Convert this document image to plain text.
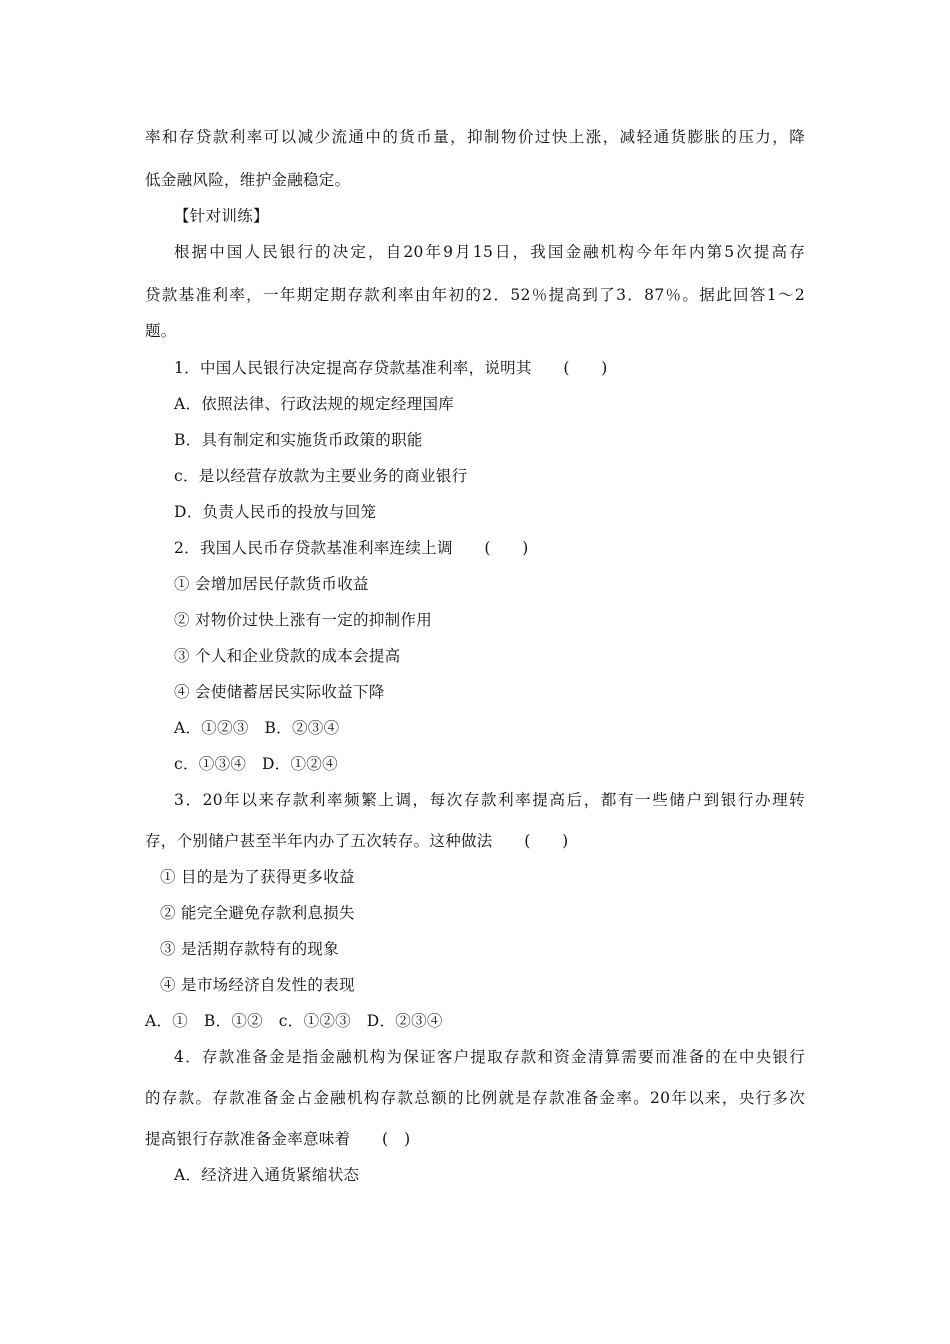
率和存贷款利率可以减少流通中的货币量，抑制物价过快上涨，减轻通货膨胀的压力，降
低金融风险，维护金融稳定。
【针对训练】
根据中国人民银行的决定，自20年9月15日，我国金融机构今年年内第5次提高存
贷款基准利率，一年期定期存款利率由年初的2．52％提高到了3．87％。据此回答1～2
题。
1．中国人民银行决定提高存贷款基准利率，说明其　　(　　)
A．依照法律、行政法规的规定经理国库
B．具有制定和实施货币政策的职能
c．是以经营存放款为主要业务的商业银行
D．负责人民币的投放与回笼
2．我国人民币存贷款基准利率连续上调　　(　　)
① 会增加居民仔款货币收益
② 对物价过快上涨有一定的抑制作用
③ 个人和企业贷款的成本会提高
④ 会使储蓄居民实际收益下降
A．①②③　B．②③④
c．①③④　D．①②④
3．20年以来存款利率频繁上调，每次存款利率提高后，都有一些储户到银行办理转
存，个别储户甚至半年内办了五次转存。这种做法　　(　　)
① 目的是为了获得更多收益
② 能完全避免存款利息损失
③ 是活期存款特有的现象
④ 是市场经济自发性的表现
A．①　B．①②　c．①②③　D．②③④
4．存款准备金是指金融机构为保证客户提取存款和资金清算需要而准备的在中央银行
的存款。存款准备金占金融机构存款总额的比例就是存款准备金率。20年以来，央行多次
提高银行存款准备金率意味着　　(　)
A．经济进入通货紧缩状态
